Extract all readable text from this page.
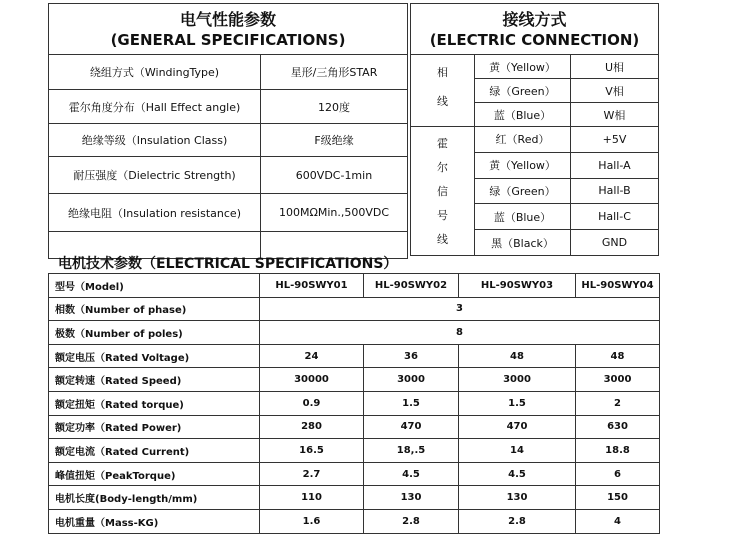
电气性能参数
(GENERAL SPECIFICATIONS)	

绕组方式（WindingType)	星形/三角形STAR
霍尔角度分布（Hall Effect angle)	120度
绝缘等级（Insulation Class)	F级绝缘
耐压强度（Dielectric Strength)	600VDC-1min
绝缘电阻（Insulation resistance)	100MΩMin.,500VDC

接线方式
(ELECTRIC CONNECTION)		

相
线	黄（Yellow）	U相
	绿（Green）	V相
	蓝（Blue）	W相

霍
尔
信
号
线	红（Red）	+5V
	黄（Yellow）	Hall-A
	绿（Green）	Hall-B
	蓝（Blue）	Hall-C
	黑（Black）	GND
电机技术参数（ELECTRICAL SPECIFICATIONS）
型号（Model)	HL-90SWY01	HL-90SWY02	HL-90SWY03	HL-90SWY04
相数（Number of phase)	3			
极数（Number of poles)	8			
额定电压（Rated Voltage)	24	36	48	48
额定转速（Rated Speed)	30000	3000	3000	3000
额定扭矩（Rated torque)	0.9	1.5	1.5	2
额定功率（Rated Power)	280	470	470	630
额定电流（Rated Current)	16.5	18,.5	14	18.8
峰值扭矩（PeakTorque)	2.7	4.5	4.5	6
电机长度(Body-length/mm)	110	130	130	150
电机重量（Mass-KG)	1.6	2.8	2.8	4
